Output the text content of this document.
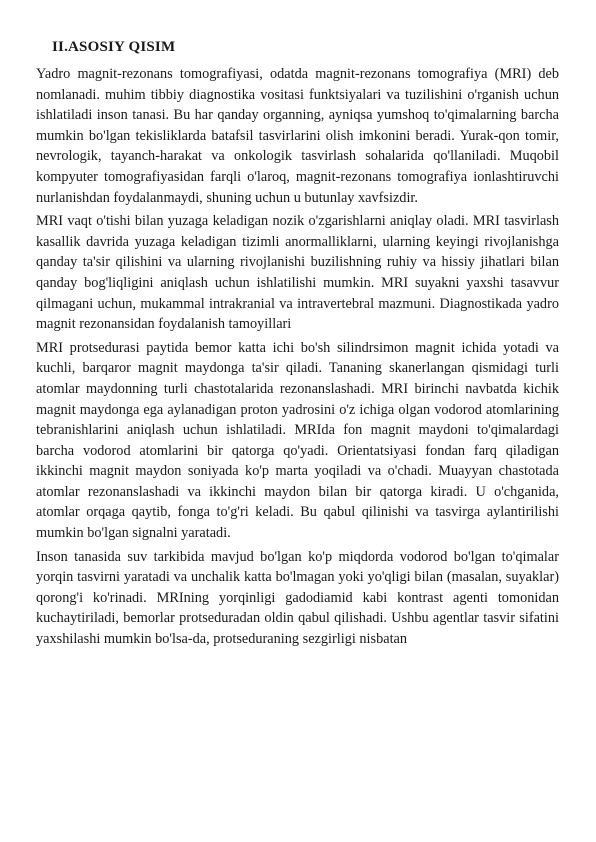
II.ASOSIY QISIM

Yadro magnit-rezonans tomografiyasi, odatda magnit-rezonans tomografiya (MRI) deb nomlanadi. muhim tibbiy diagnostika vositasi funktsiyalari va tuzilishini o'rganish uchun ishlatiladi inson tanasi. Bu har qanday organning, ayniqsa yumshoq to'qimalarning barcha mumkin bo'lgan tekisliklarda batafsil tasvirlarini olish imkonini beradi. Yurak-qon tomir, nevrologik, tayanch-harakat va onkologik tasvirlash sohalarida qo'llaniladi. Muqobil kompyuter tomografiyasidan farqli o'laroq, magnit-rezonans tomografiya ionlashtiruvchi nurlanishdan foydalanmaydi, shuning uchun u butunlay xavfsizdir.

MRI vaqt o'tishi bilan yuzaga keladigan nozik o'zgarishlarni aniqlay oladi. MRI tasvirlash kasallik davrida yuzaga keladigan tizimli anormalliklarni, ularning keyingi rivojlanishga qanday ta'sir qilishini va ularning rivojlanishi buzilishning ruhiy va hissiy jihatlari bilan qanday bog'liqligini aniqlash uchun ishlatilishi mumkin. MRI suyakni yaxshi tasavvur qilmagani uchun, mukammal intrakranial va intravertebral mazmuni. Diagnostikada yadro magnit rezonansidan foydalanish tamoyillari

MRI protsedurasi paytida bemor katta ichi bo'sh silindrsimon magnit ichida yotadi va kuchli, barqaror magnit maydonga ta'sir qiladi. Tananing skanerlangan qismidagi turli atomlar maydonning turli chastotalarida rezonanslashadi. MRI birinchi navbatda kichik magnit maydonga ega aylanadigan proton yadrosini o'z ichiga olgan vodorod atomlarining tebranishlarini aniqlash uchun ishlatiladi. MRIda fon magnit maydoni to'qimalardagi barcha vodorod atomlarini bir qatorga qo'yadi. Orientatsiyasi fondan farq qiladigan ikkinchi magnit maydon soniyada ko'p marta yoqiladi va o'chadi. Muayyan chastotada atomlar rezonanslashadi va ikkinchi maydon bilan bir qatorga kiradi. U o'chganida, atomlar orqaga qaytib, fonga to'g'ri keladi. Bu qabul qilinishi va tasvirga aylantirilishi mumkin bo'lgan signalni yaratadi.

Inson tanasida suv tarkibida mavjud bo'lgan ko'p miqdorda vodorod bo'lgan to'qimalar yorqin tasvirni yaratadi va unchalik katta bo'lmagan yoki yo'qligi bilan (masalan, suyaklar) qorong'i ko'rinadi. MRIning yorqinligi gadodiamid kabi kontrast agenti tomonidan kuchaytiriladi, bemorlar protseduradan oldin qabul qilishadi. Ushbu agentlar tasvir sifatini yaxshilashi mumkin bo'lsa-da, protseduraning sezgirligi nisbatan
